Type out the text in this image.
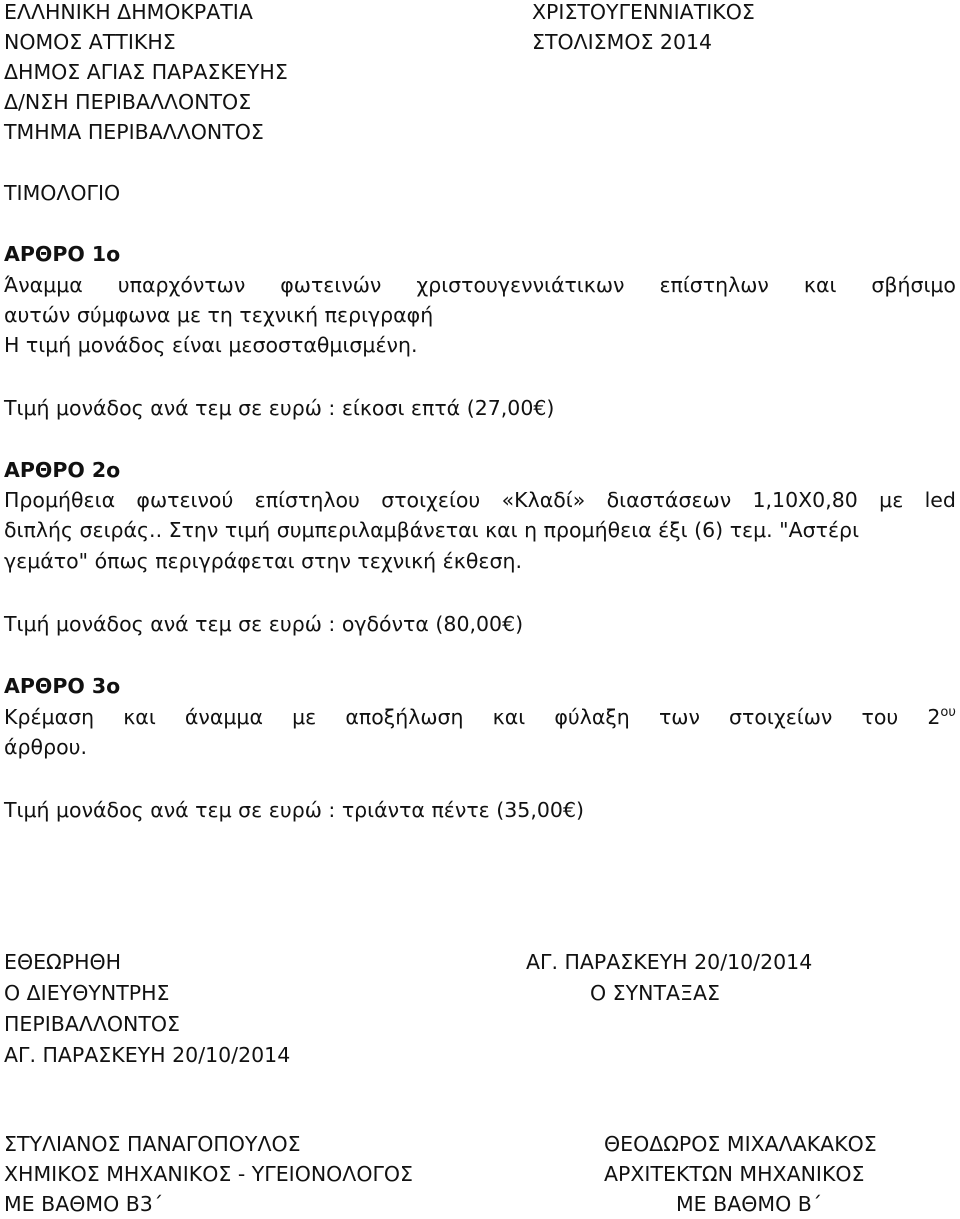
ΕΛΛΗΝΙΚΗ ΔΗΜΟΚΡΑΤΙΑ
ΝΟΜΟΣ ΑΤΤΙΚΗΣ
ΔΗΜΟΣ ΑΓΙΑΣ ΠΑΡΑΣΚΕΥΗΣ
Δ/ΝΣΗ ΠΕΡΙΒΑΛΛΟΝΤΟΣ
ΤΜΗΜΑ ΠΕΡΙΒΑΛΛΟΝΤΟΣ
ΧΡΙΣΤΟΥΓΕΝΝΙΑΤΙΚΟΣ
ΣΤΟΛΙΣΜΟΣ 2014
ΤΙΜΟΛΟΓΙΟ
ΑΡΘΡΟ 1ο
Άναμμα υπαρχόντων φωτεινών χριστουγεννιάτικων επίστηλων και σβήσιμο
αυτών σύμφωνα με τη τεχνική περιγραφή
Η τιμή μονάδος είναι μεσοσταθμισμένη.
Τιμή μονάδος ανά τεμ σε ευρώ : είκοσι επτά (27,00€)
ΑΡΘΡΟ 2ο
Προμήθεια φωτεινού επίστηλου στοιχείου «Κλαδί» διαστάσεων 1,10Χ0,80 με led
διπλής σειράς.. Στην τιμή συμπεριλαμβάνεται και η προμήθεια έξι (6) τεμ. "Αστέρι
γεμάτο" όπως περιγράφεται στην τεχνική έκθεση.
Τιμή μονάδος ανά τεμ σε ευρώ : ογδόντα (80,00€)
ΑΡΘΡΟ 3ο
Κρέμαση και άναμμα με αποξήλωση και φύλαξη των στοιχείων του $2^{o\upsilon}$
άρθρου.
Τιμή μονάδος ανά τεμ σε ευρώ : τριάντα πέντε (35,00€)
ΕΘΕΩΡΗΘΗ
Ο ΔΙΕΥΘΥΝΤΡΗΣ
ΠΕΡΙΒΑΛΛΟΝΤΟΣ
ΑΓ. ΠΑΡΑΣΚΕΥΗ 20/10/2014
ΑΓ. ΠΑΡΑΣΚΕΥΗ 20/10/2014
Ο ΣΥΝΤΑΞΑΣ
ΣΤΥΛΙΑΝΟΣ ΠΑΝΑΓΟΠΟΥΛΟΣ
ΧΗΜΙΚΟΣ ΜΗΧΑΝΙΚΟΣ - ΥΓΕΙΟΝΟΛΟΓΟΣ
ΜΕ ΒΑΘΜΟ Β3΄
ΘΕΟΔΩΡΟΣ ΜΙΧΑΛΑΚΑΚΟΣ
ΑΡΧΙΤΕΚΤΩΝ ΜΗΧΑΝΙΚΟΣ
ΜΕ ΒΑΘΜΟ Β΄
